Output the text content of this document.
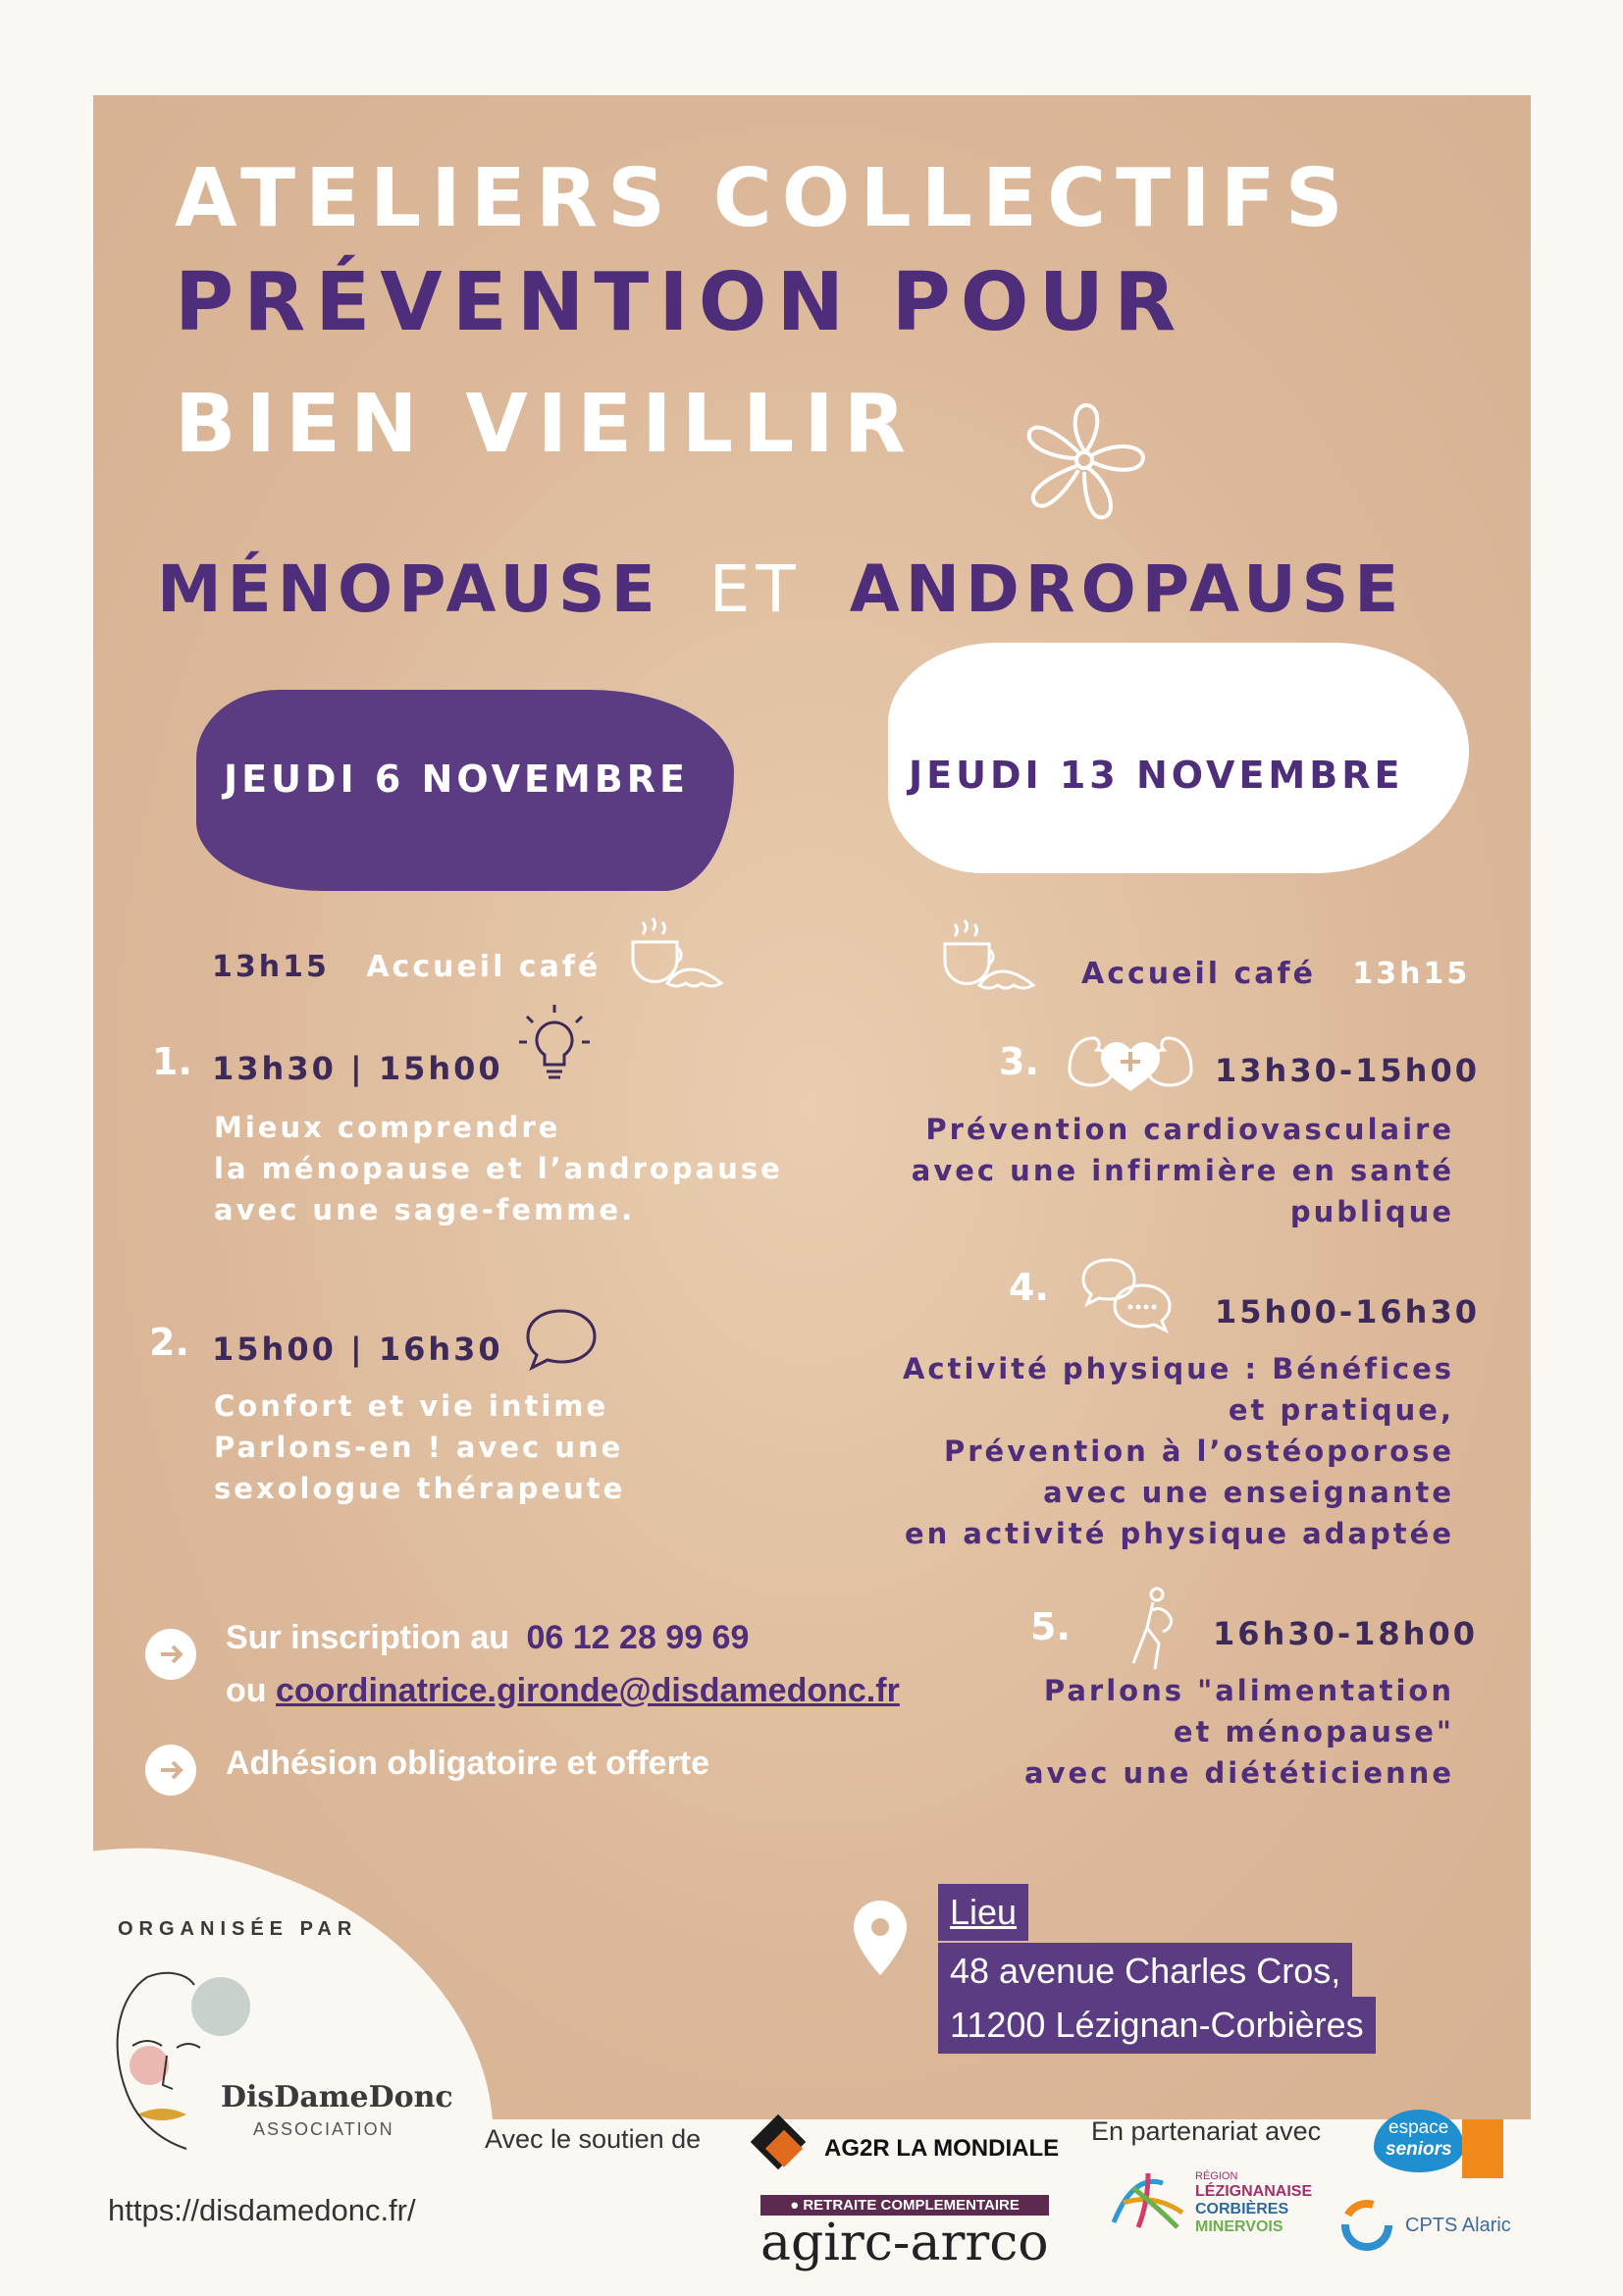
ATELIERS COLLECTIFS
PRÉVENTION POUR
BIEN VIEILLIR
MÉNOPAUSE ET ANDROPAUSE
JEUDI 6 NOVEMBRE	JEUDI 13 NOVEMBRE
13h15 Accueil café
1. 13h30 | 15h00
Mieux comprendre
la ménopause et l’andropause
avec une sage-femme.
2. 15h00 | 16h30
Confort et vie intime
Parlons-en ! avec une
sexologue thérapeute
Sur inscription au 06 12 28 99 69
ou coordinatrice.gironde@disdamedonc.fr
Adhésion obligatoire et offerte
Accueil café 13h15
3.	13h30-15h00
Prévention cardiovasculaire
avec une infirmière en santé
publique
4.
15h00-16h30
Activité physique : Bénéfices
et pratique,
Prévention à l’ostéoporose
avec une enseignante
en activité physique adaptée
5.	16h30-18h00
Parlons "alimentation
et ménopause"
avec une diététicienne
ORGANISÉE PAR
DisDameDonc
ASSOCIATION
https://disdamedonc.fr/
Lieu
48 avenue Charles Cros,
11200 Lézignan-Corbières
Avec le soutien de	AG2R LA MONDIALE
● RETRAITE COMPLEMENTAIRE
agirc-arrco
En partenariat avec
RÉGION
LÉZIGNANAISE
CORBIÈRES
MINERVOIS
espace
seniors
CPTS Alaric
